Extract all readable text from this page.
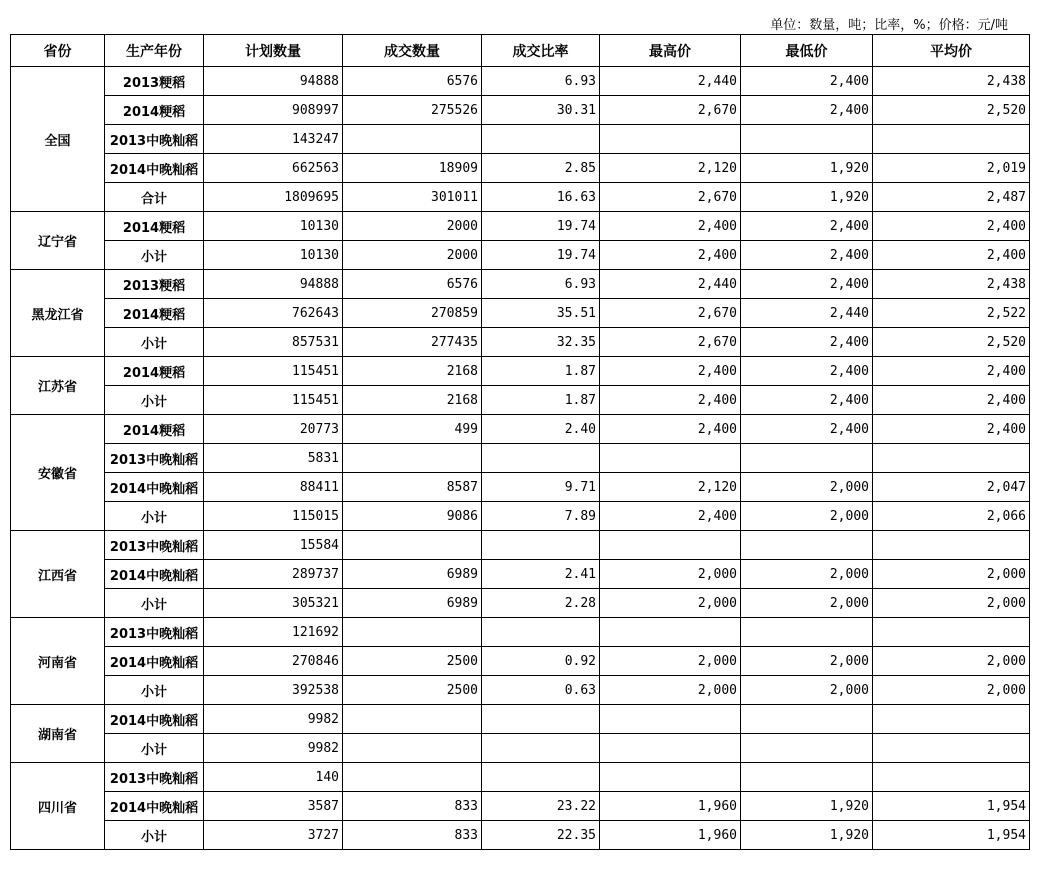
单位：数量，吨；比率，%；价格：元/吨
省份	生产年份	计划数量	成交数量	成交比率	最高价	最低价	平均价
全国	2013粳稻	94888	6576	6.93	2,440	2,400	2,438
	2014粳稻	908997	275526	30.31	2,670	2,400	2,520
	2013中晚籼稻	143247					
	2014中晚籼稻	662563	18909	2.85	2,120	1,920	2,019
	合计	1809695	301011	16.63	2,670	1,920	2,487
辽宁省	2014粳稻	10130	2000	19.74	2,400	2,400	2,400
	小计	10130	2000	19.74	2,400	2,400	2,400
黑龙江省	2013粳稻	94888	6576	6.93	2,440	2,400	2,438
	2014粳稻	762643	270859	35.51	2,670	2,440	2,522
	小计	857531	277435	32.35	2,670	2,400	2,520
江苏省	2014粳稻	115451	2168	1.87	2,400	2,400	2,400
	小计	115451	2168	1.87	2,400	2,400	2,400
安徽省	2014粳稻	20773	499	2.40	2,400	2,400	2,400
	2013中晚籼稻	5831					
	2014中晚籼稻	88411	8587	9.71	2,120	2,000	2,047
	小计	115015	9086	7.89	2,400	2,000	2,066
江西省	2013中晚籼稻	15584					
	2014中晚籼稻	289737	6989	2.41	2,000	2,000	2,000
	小计	305321	6989	2.28	2,000	2,000	2,000
河南省	2013中晚籼稻	121692					
	2014中晚籼稻	270846	2500	0.92	2,000	2,000	2,000
	小计	392538	2500	0.63	2,000	2,000	2,000
湖南省	2014中晚籼稻	9982					
	小计	9982					
四川省	2013中晚籼稻	140					
	2014中晚籼稻	3587	833	23.22	1,960	1,920	1,954
	小计	3727	833	22.35	1,960	1,920	1,954
